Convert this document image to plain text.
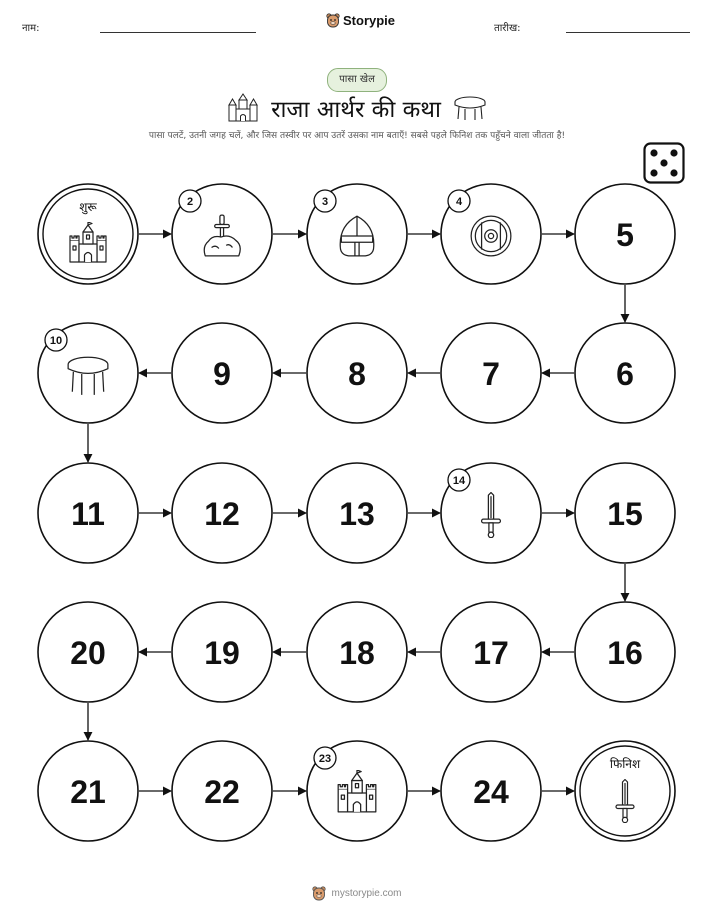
नाम:
Storypie
तारीख:
पासा खेल
राजा आर्थर की कथा
पासा पलटें, उतनी जगह चलें, और जिस तस्वीर पर आप उतरें उसका नाम बताएँ! सबसे पहले फिनिश तक पहुँचने वाला जीतता है!
शुरू	2	3	4
5
6
7
8
9
10
11	12	13
14
15
16
17
18
19
20
21	22
23
24
फिनिश
mystorypie.com
